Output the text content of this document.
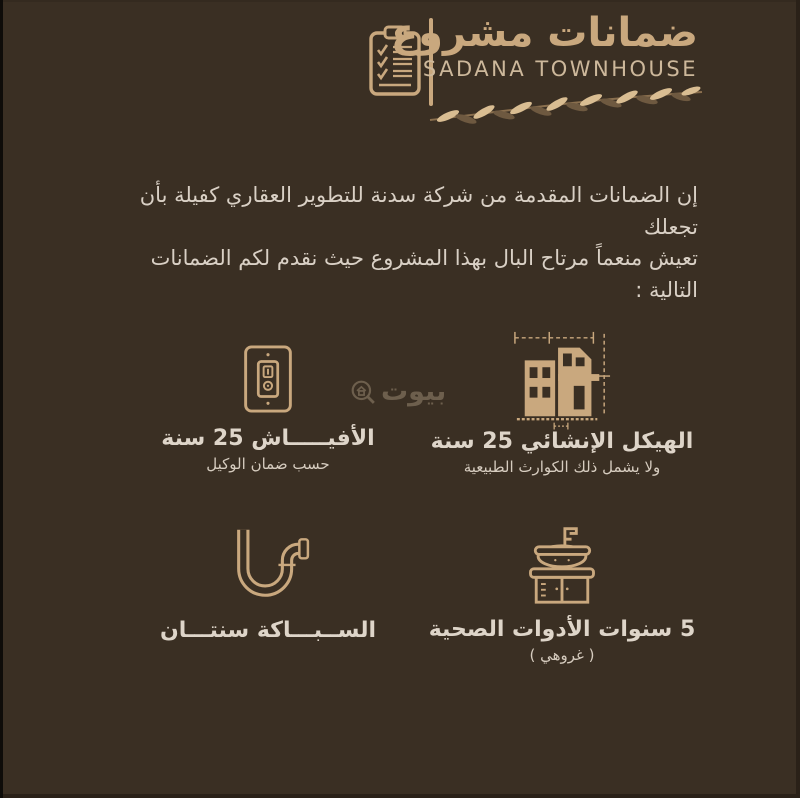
ضمانات مشروع
SADANA TOWNHOUSE
إن الضمانات المقدمة من شركة سدنة للتطوير العقاري كفيلة بأن تجعلك
تعيش منعماً مرتاح البال بهذا المشروع حيث نقدم لكم الضمانات التالية :
بيوت
الأفيـــــاش 25 سنة
حسب ضمان الوكيل
الهيكل الإنشائي 25 سنة
ولا يشمل ذلك الكوارث الطبيعية
الســبـــاكة سنتـــان 5 سنوات الأدوات الصحية
( غروهي )
